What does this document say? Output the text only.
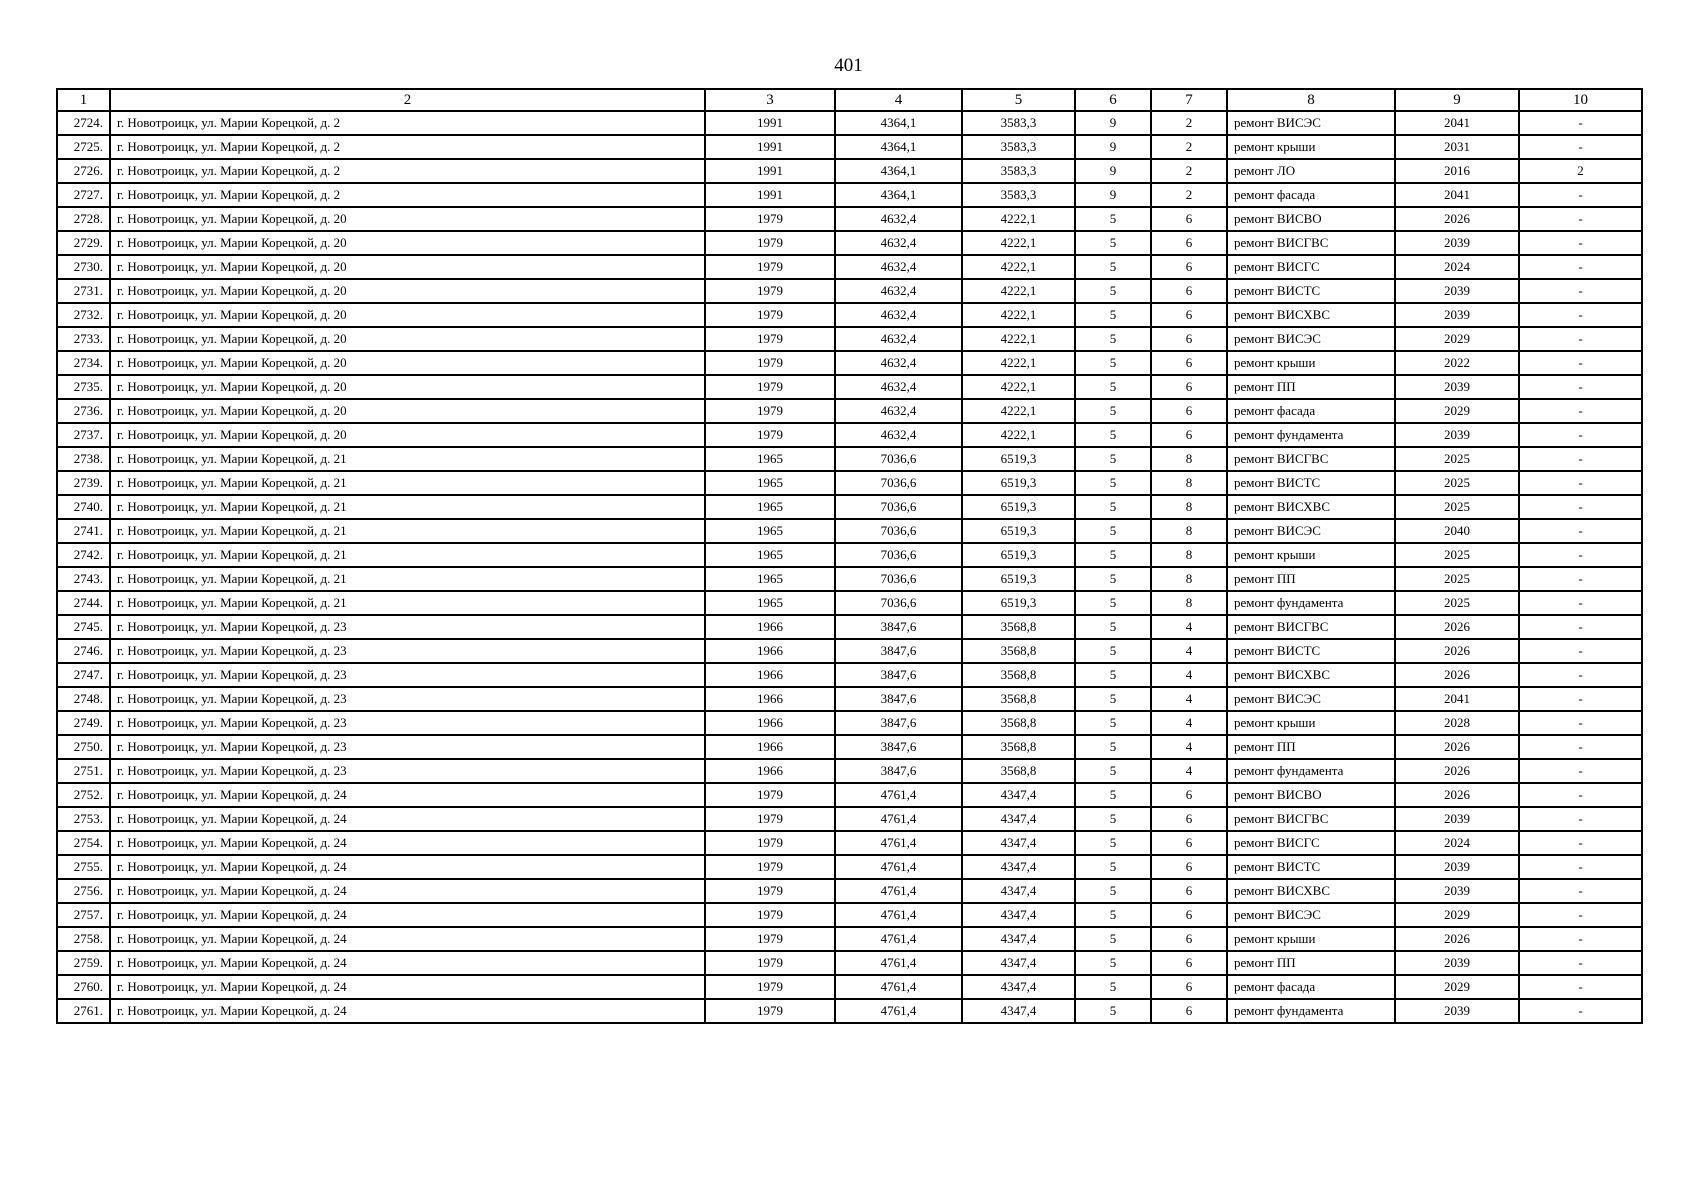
401
1	2	3	4	5	6	7	8	9	10
2724.	г. Новотроицк, ул. Марии Корецкой, д. 2	1991	4364,1	3583,3	9	2	ремонт ВИСЭС	2041	-
2725.	г. Новотроицк, ул. Марии Корецкой, д. 2	1991	4364,1	3583,3	9	2	ремонт крыши	2031	-
2726.	г. Новотроицк, ул. Марии Корецкой, д. 2	1991	4364,1	3583,3	9	2	ремонт ЛО	2016	2
2727.	г. Новотроицк, ул. Марии Корецкой, д. 2	1991	4364,1	3583,3	9	2	ремонт фасада	2041	-
2728.	г. Новотроицк, ул. Марии Корецкой, д. 20	1979	4632,4	4222,1	5	6	ремонт ВИСВО	2026	-
2729.	г. Новотроицк, ул. Марии Корецкой, д. 20	1979	4632,4	4222,1	5	6	ремонт ВИСГВС	2039	-
2730.	г. Новотроицк, ул. Марии Корецкой, д. 20	1979	4632,4	4222,1	5	6	ремонт ВИСГС	2024	-
2731.	г. Новотроицк, ул. Марии Корецкой, д. 20	1979	4632,4	4222,1	5	6	ремонт ВИСТС	2039	-
2732.	г. Новотроицк, ул. Марии Корецкой, д. 20	1979	4632,4	4222,1	5	6	ремонт ВИСХВС	2039	-
2733.	г. Новотроицк, ул. Марии Корецкой, д. 20	1979	4632,4	4222,1	5	6	ремонт ВИСЭС	2029	-
2734.	г. Новотроицк, ул. Марии Корецкой, д. 20	1979	4632,4	4222,1	5	6	ремонт крыши	2022	-
2735.	г. Новотроицк, ул. Марии Корецкой, д. 20	1979	4632,4	4222,1	5	6	ремонт ПП	2039	-
2736.	г. Новотроицк, ул. Марии Корецкой, д. 20	1979	4632,4	4222,1	5	6	ремонт фасада	2029	-
2737.	г. Новотроицк, ул. Марии Корецкой, д. 20	1979	4632,4	4222,1	5	6	ремонт фундамента	2039	-
2738.	г. Новотроицк, ул. Марии Корецкой, д. 21	1965	7036,6	6519,3	5	8	ремонт ВИСГВС	2025	-
2739.	г. Новотроицк, ул. Марии Корецкой, д. 21	1965	7036,6	6519,3	5	8	ремонт ВИСТС	2025	-
2740.	г. Новотроицк, ул. Марии Корецкой, д. 21	1965	7036,6	6519,3	5	8	ремонт ВИСХВС	2025	-
2741.	г. Новотроицк, ул. Марии Корецкой, д. 21	1965	7036,6	6519,3	5	8	ремонт ВИСЭС	2040	-
2742.	г. Новотроицк, ул. Марии Корецкой, д. 21	1965	7036,6	6519,3	5	8	ремонт крыши	2025	-
2743.	г. Новотроицк, ул. Марии Корецкой, д. 21	1965	7036,6	6519,3	5	8	ремонт ПП	2025	-
2744.	г. Новотроицк, ул. Марии Корецкой, д. 21	1965	7036,6	6519,3	5	8	ремонт фундамента	2025	-
2745.	г. Новотроицк, ул. Марии Корецкой, д. 23	1966	3847,6	3568,8	5	4	ремонт ВИСГВС	2026	-
2746.	г. Новотроицк, ул. Марии Корецкой, д. 23	1966	3847,6	3568,8	5	4	ремонт ВИСТС	2026	-
2747.	г. Новотроицк, ул. Марии Корецкой, д. 23	1966	3847,6	3568,8	5	4	ремонт ВИСХВС	2026	-
2748.	г. Новотроицк, ул. Марии Корецкой, д. 23	1966	3847,6	3568,8	5	4	ремонт ВИСЭС	2041	-
2749.	г. Новотроицк, ул. Марии Корецкой, д. 23	1966	3847,6	3568,8	5	4	ремонт крыши	2028	-
2750.	г. Новотроицк, ул. Марии Корецкой, д. 23	1966	3847,6	3568,8	5	4	ремонт ПП	2026	-
2751.	г. Новотроицк, ул. Марии Корецкой, д. 23	1966	3847,6	3568,8	5	4	ремонт фундамента	2026	-
2752.	г. Новотроицк, ул. Марии Корецкой, д. 24	1979	4761,4	4347,4	5	6	ремонт ВИСВО	2026	-
2753.	г. Новотроицк, ул. Марии Корецкой, д. 24	1979	4761,4	4347,4	5	6	ремонт ВИСГВС	2039	-
2754.	г. Новотроицк, ул. Марии Корецкой, д. 24	1979	4761,4	4347,4	5	6	ремонт ВИСГС	2024	-
2755.	г. Новотроицк, ул. Марии Корецкой, д. 24	1979	4761,4	4347,4	5	6	ремонт ВИСТС	2039	-
2756.	г. Новотроицк, ул. Марии Корецкой, д. 24	1979	4761,4	4347,4	5	6	ремонт ВИСХВС	2039	-
2757.	г. Новотроицк, ул. Марии Корецкой, д. 24	1979	4761,4	4347,4	5	6	ремонт ВИСЭС	2029	-
2758.	г. Новотроицк, ул. Марии Корецкой, д. 24	1979	4761,4	4347,4	5	6	ремонт крыши	2026	-
2759.	г. Новотроицк, ул. Марии Корецкой, д. 24	1979	4761,4	4347,4	5	6	ремонт ПП	2039	-
2760.	г. Новотроицк, ул. Марии Корецкой, д. 24	1979	4761,4	4347,4	5	6	ремонт фасада	2029	-
2761.	г. Новотроицк, ул. Марии Корецкой, д. 24	1979	4761,4	4347,4	5	6	ремонт фундамента	2039	-
